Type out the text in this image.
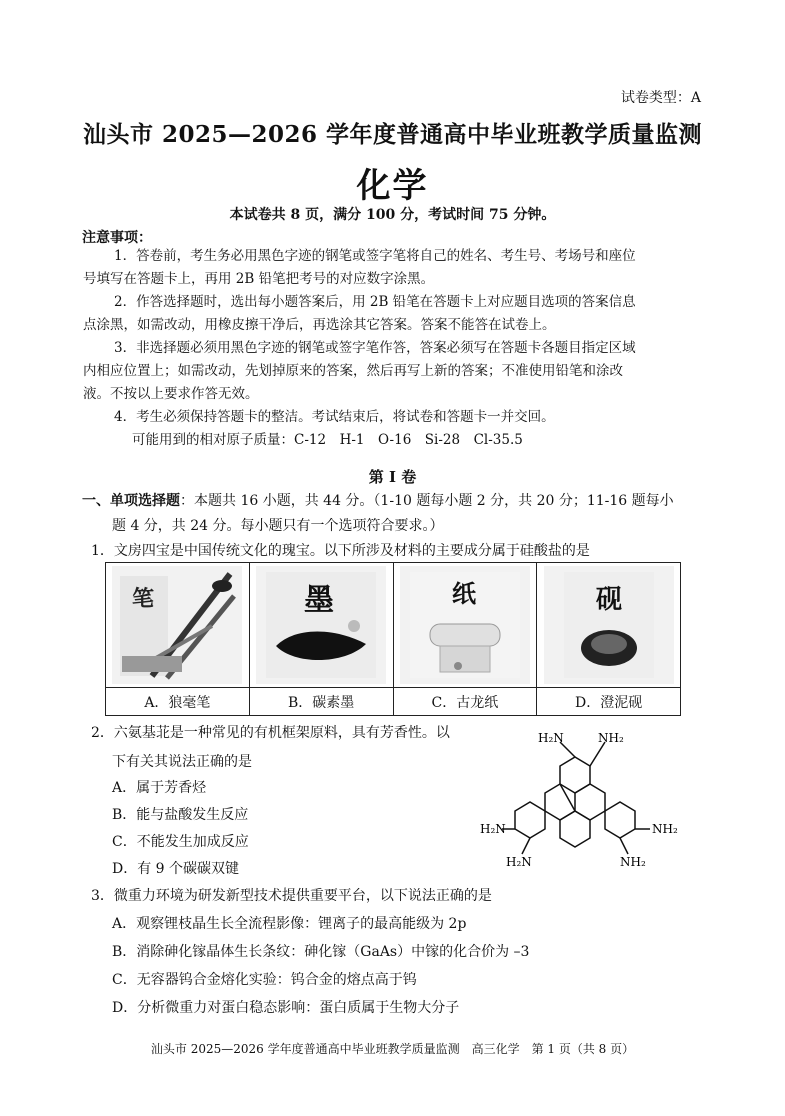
试卷类型：A
汕头市 2025—2026 学年度普通高中毕业班教学质量监测
化学
本试卷共 8 页，满分 100 分，考试时间 75 分钟。
注意事项：
1．答卷前，考生务必用黑色字迹的钢笔或签字笔将自己的姓名、考生号、考场号和座位
号填写在答题卡上，再用 2B 铅笔把考号的对应数字涂黑。
2．作答选择题时，选出每小题答案后，用 2B 铅笔在答题卡上对应题目选项的答案信息
点涂黑，如需改动，用橡皮擦干净后，再选涂其它答案。答案不能答在试卷上。
3．非选择题必须用黑色字迹的钢笔或签字笔作答，答案必须写在答题卡各题目指定区域
内相应位置上；如需改动，先划掉原来的答案，然后再写上新的答案；不准使用铅笔和涂改
液。不按以上要求作答无效。
4．考生必须保持答题卡的整洁。考试结束后，将试卷和答题卡一并交回。
可能用到的相对原子质量：C-12　H-1　O-16　Si-28　Cl-35.5
第 I 卷
一、单项选择题：本题共 16 小题，共 44 分。（1-10 题每小题 2 分，共 20 分；11-16 题每小
题 4 分，共 24 分。每小题只有一个选项符合要求。）
1．文房四宝是中国传统文化的瑰宝。以下所涉及材料的主要成分属于硅酸盐的是
笔	墨	纸	砚

A．狼毫笔	B．碳素墨	C．古龙纸	D．澄泥砚
2．六氨基苝是一种常见的有机框架原料，具有芳香性。以
下有关其说法正确的是
A．属于芳香烃
B．能与盐酸发生反应
C．不能发生加成反应
D．有 9 个碳碳双键
H₂N	NH₂
H₂N	NH₂
H₂N	NH₂
3．微重力环境为研发新型技术提供重要平台，以下说法正确的是
A．观察锂枝晶生长全流程影像：锂离子的最高能级为 2p
B．消除砷化镓晶体生长条纹：砷化镓（GaAs）中镓的化合价为 –3
C．无容器钨合金熔化实验：钨合金的熔点高于钨
D．分析微重力对蛋白稳态影响：蛋白质属于生物大分子
汕头市 2025—2026 学年度普通高中毕业班教学质量监测　高三化学　第 1 页（共 8 页）
